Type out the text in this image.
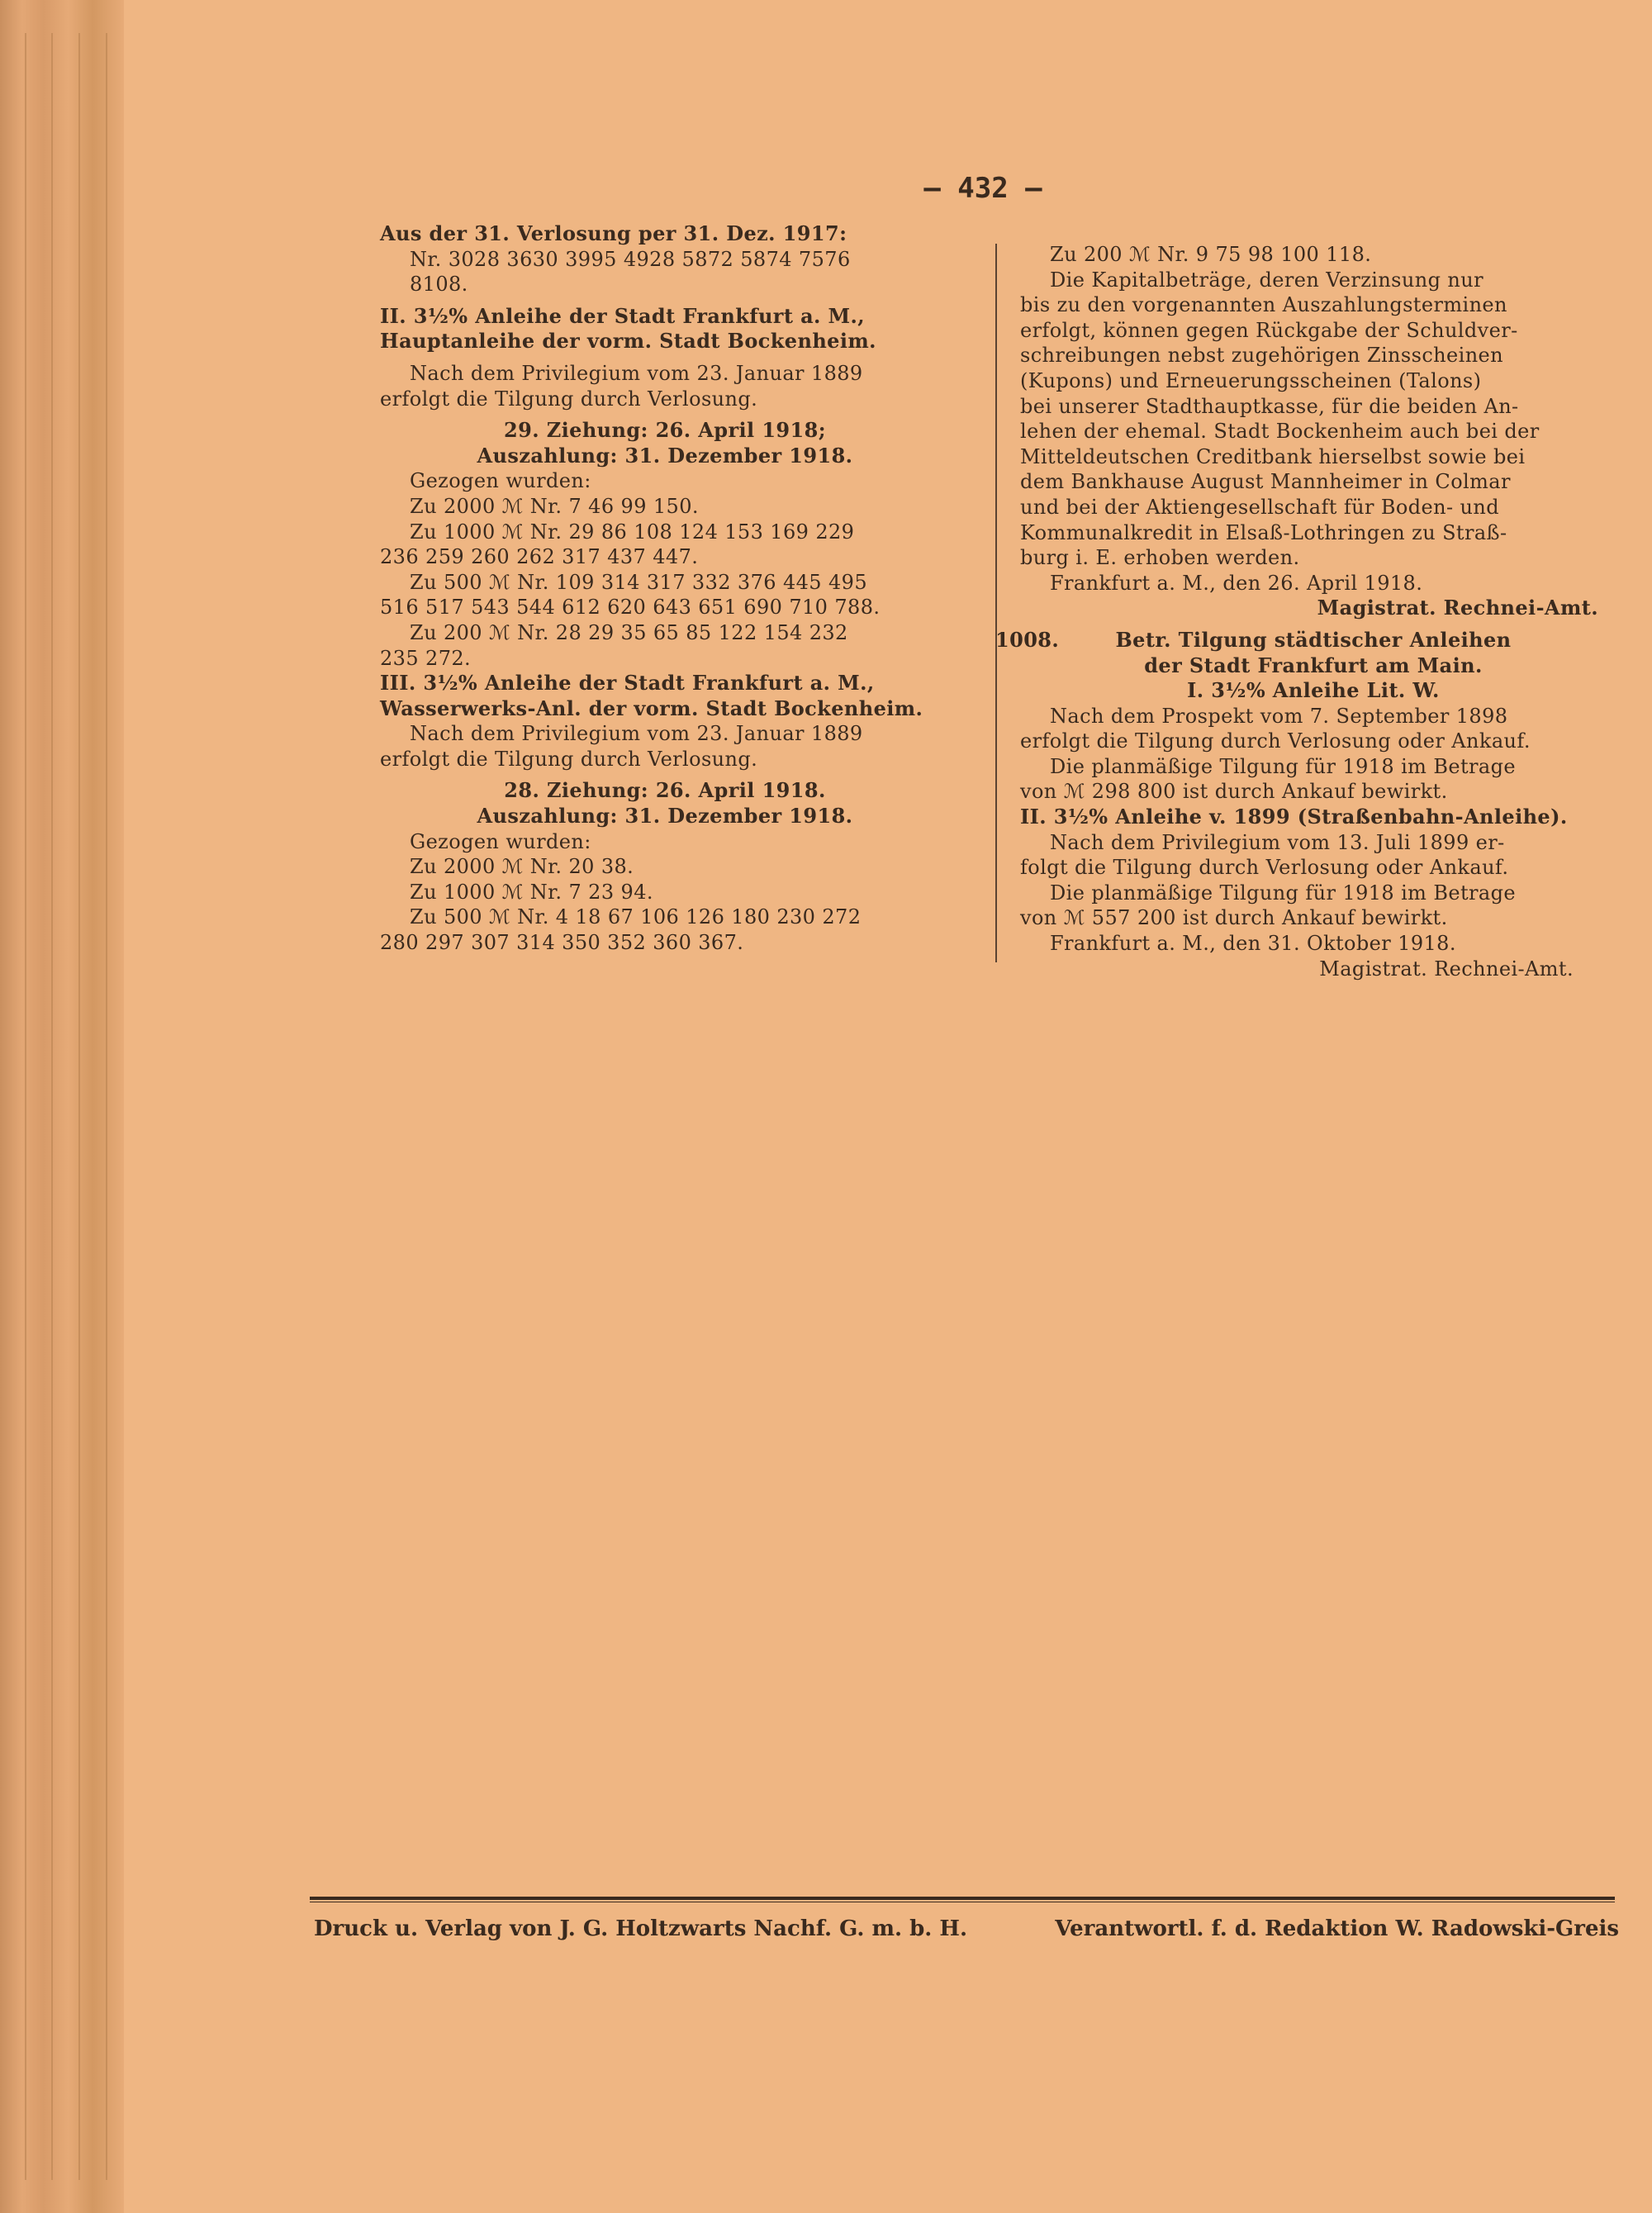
— 432 —

Aus der 31. Verlosung per 31. Dez. 1917:

Nr. 3028 3630 3995 4928 5872 5874 7576

8108.

II. 3½% Anleihe der Stadt Frankfurt a. M.,

Hauptanleihe der vorm. Stadt Bockenheim.

Nach dem Privilegium vom 23. Januar 1889

erfolgt die Tilgung durch Verlosung.

29. Ziehung: 26. April 1918;

Auszahlung: 31. Dezember 1918.

Gezogen wurden:

Zu 2000 ℳ Nr. 7 46 99 150.

Zu 1000 ℳ Nr. 29 86 108 124 153 169 229

236 259 260 262 317 437 447.

Zu 500 ℳ Nr. 109 314 317 332 376 445 495

516 517 543 544 612 620 643 651 690 710 788.

Zu 200 ℳ Nr. 28 29 35 65 85 122 154 232

235 272.

III. 3½% Anleihe der Stadt Frankfurt a. M.,

Wasserwerks-Anl. der vorm. Stadt Bockenheim.

Nach dem Privilegium vom 23. Januar 1889

erfolgt die Tilgung durch Verlosung.

28. Ziehung: 26. April 1918.

Auszahlung: 31. Dezember 1918.

Gezogen wurden:

Zu 2000 ℳ Nr. 20 38.

Zu 1000 ℳ Nr. 7 23 94.

Zu 500 ℳ Nr. 4 18 67 106 126 180 230 272

280 297 307 314 350 352 360 367.

Zu 200 ℳ Nr. 9 75 98 100 118.

Die Kapitalbeträge, deren Verzinsung nur

bis zu den vorgenannten Auszahlungsterminen

erfolgt, können gegen Rückgabe der Schuldver-

schreibungen nebst zugehörigen Zinsscheinen

(Kupons) und Erneuerungsscheinen (Talons)

bei unserer Stadthauptkasse, für die beiden An-

lehen der ehemal. Stadt Bockenheim auch bei der

Mitteldeutschen Creditbank hierselbst sowie bei

dem Bankhause August Mannheimer in Colmar

und bei der Aktiengesellschaft für Boden- und

Kommunalkredit in Elsaß-Lothringen zu Straß-

burg i. E. erhoben werden.

Frankfurt a. M., den 26. April 1918.

Magistrat. Rechnei-Amt.

1008.	Betr. Tilgung städtischer Anleihen

der Stadt Frankfurt am Main.

I. 3½% Anleihe Lit. W.

Nach dem Prospekt vom 7. September 1898

erfolgt die Tilgung durch Verlosung oder Ankauf.

Die planmäßige Tilgung für 1918 im Betrage

von ℳ 298 800 ist durch Ankauf bewirkt.

II. 3½% Anleihe v. 1899 (Straßenbahn-Anleihe).

Nach dem Privilegium vom 13. Juli 1899 er-

folgt die Tilgung durch Verlosung oder Ankauf.

Die planmäßige Tilgung für 1918 im Betrage

von ℳ 557 200 ist durch Ankauf bewirkt.

Frankfurt a. M., den 31. Oktober 1918.

Magistrat. Rechnei-Amt.

Druck u. Verlag von J. G. Holtzwarts Nachf. G. m. b. H.	Verantwortl. f. d. Redaktion W. Radowski-Greis
